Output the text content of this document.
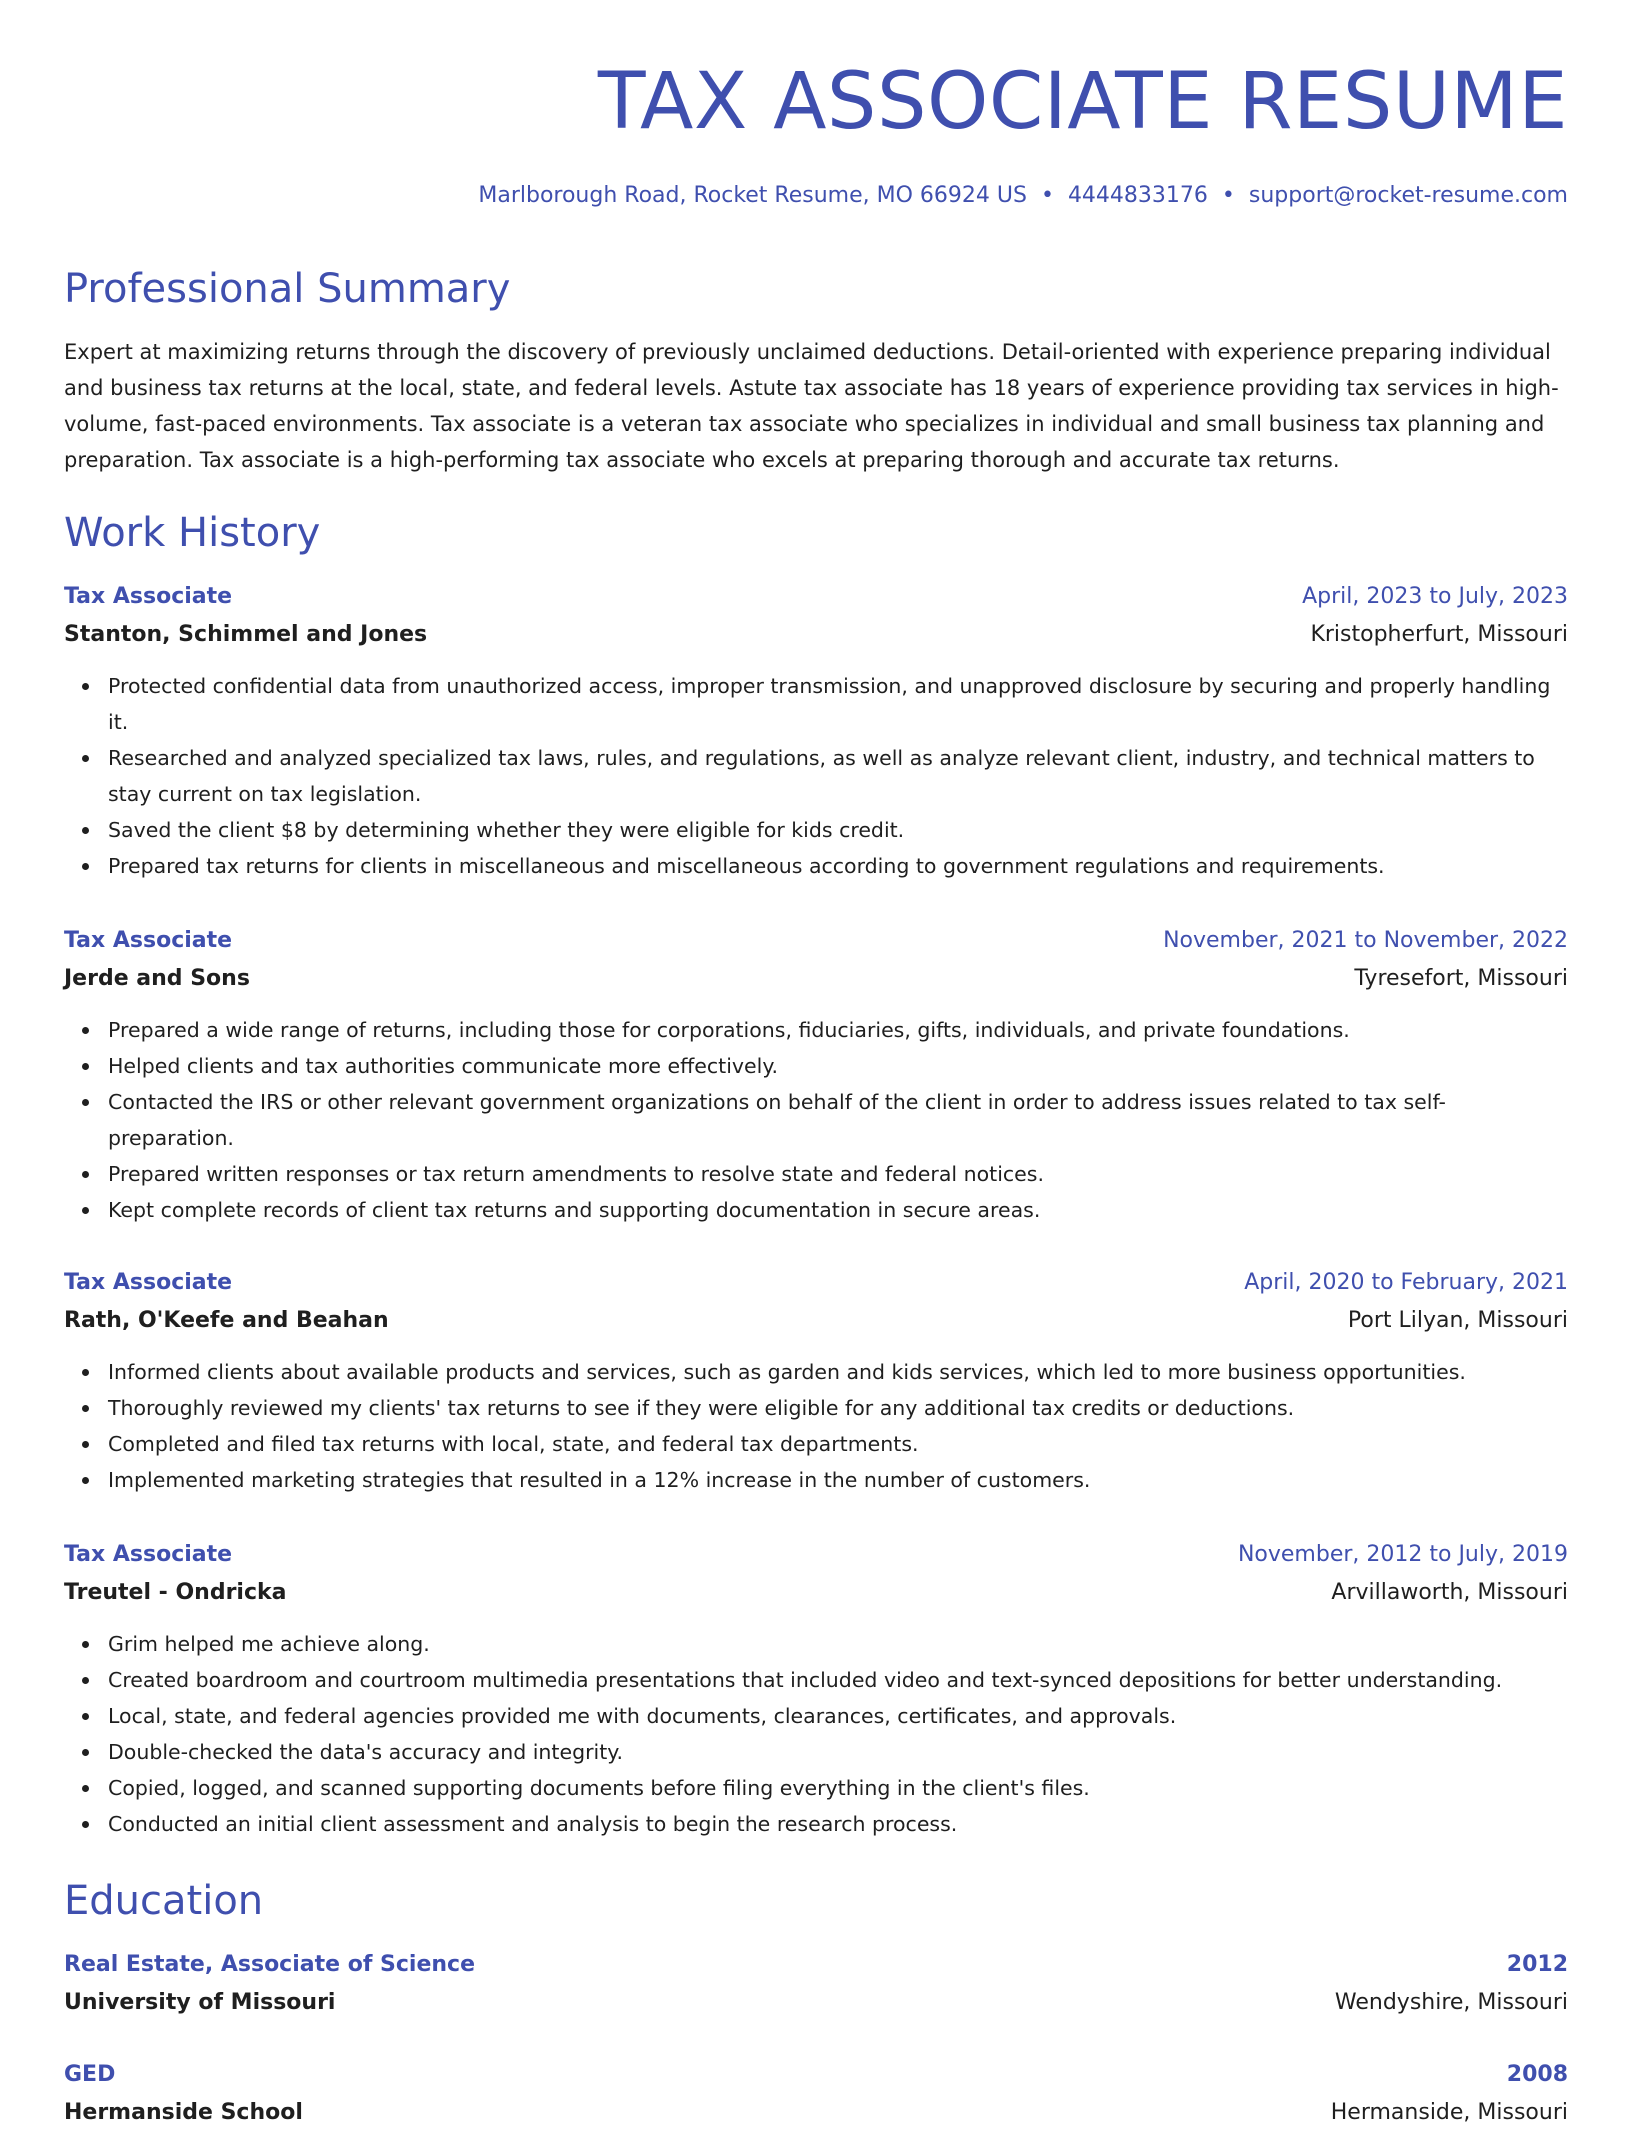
TAX ASSOCIATE RESUME
Marlborough Road, Rocket Resume, MO 66924 US • 4444833176 • support@rocket-resume.com
Professional Summary

Expert at maximizing returns through the discovery of previously unclaimed deductions. Detail-oriented with experience preparing individual and business tax returns at the local, state, and federal levels. Astute tax associate has 18 years of experience providing tax services in high-volume, fast-paced environments. Tax associate is a veteran tax associate who specializes in individual and small business tax planning and preparation. Tax associate is a high-performing tax associate who excels at preparing thorough and accurate tax returns.

Work History
Tax Associate	April, 2023 to July, 2023
Stanton, Schimmel and Jones	Kristopherfurt, Missouri
Protected confidential data from unauthorized access, improper transmission, and unapproved disclosure by securing and properly handling it.
Researched and analyzed specialized tax laws, rules, and regulations, as well as analyze relevant client, industry, and technical matters to stay current on tax legislation.
Saved the client $8 by determining whether they were eligible for kids credit.
Prepared tax returns for clients in miscellaneous and miscellaneous according to government regulations and requirements.
Tax Associate	November, 2021 to November, 2022
Jerde and Sons	Tyresefort, Missouri
Prepared a wide range of returns, including those for corporations, fiduciaries, gifts, individuals, and private foundations.
Helped clients and tax authorities communicate more effectively.
Contacted the IRS or other relevant government organizations on behalf of the client in order to address issues related to tax self-preparation.
Prepared written responses or tax return amendments to resolve state and federal notices.
Kept complete records of client tax returns and supporting documentation in secure areas.
Tax Associate	April, 2020 to February, 2021
Rath, O'Keefe and Beahan	Port Lilyan, Missouri
Informed clients about available products and services, such as garden and kids services, which led to more business opportunities.
Thoroughly reviewed my clients' tax returns to see if they were eligible for any additional tax credits or deductions.
Completed and filed tax returns with local, state, and federal tax departments.
Implemented marketing strategies that resulted in a 12% increase in the number of customers.
Tax Associate	November, 2012 to July, 2019
Treutel - Ondricka	Arvillaworth, Missouri
Grim helped me achieve along.
Created boardroom and courtroom multimedia presentations that included video and text-synced depositions for better understanding.
Local, state, and federal agencies provided me with documents, clearances, certificates, and approvals.
Double-checked the data's accuracy and integrity.
Copied, logged, and scanned supporting documents before filing everything in the client's files.
Conducted an initial client assessment and analysis to begin the research process.
Education
Real Estate, Associate of Science	2012
University of Missouri	Wendyshire, Missouri
GED	2008
Hermanside School	Hermanside, Missouri
